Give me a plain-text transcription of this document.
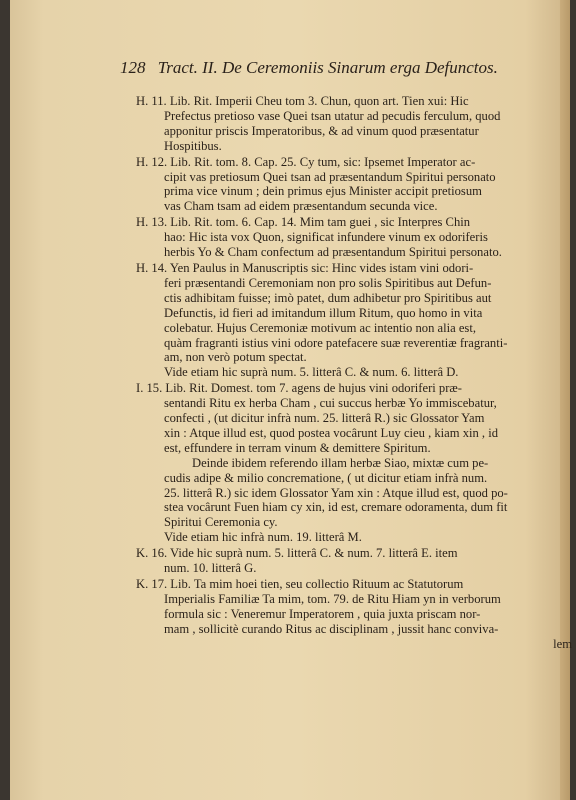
128 Tract. II. De Ceremoniis Sinarum erga Defunctos.
H. 11. Lib. Rit. Imperii Cheu tom 3. Chun, quon art. Tien xui: Hic
Prefectus pretioso vase Quei tsan utatur ad pecudis ferculum, quod
apponitur priscis Imperatoribus, & ad vinum quod præsentatur
Hospitibus.
H. 12. Lib. Rit. tom. 8. Cap. 25. Cy tum, sic: Ipsemet Imperator ac-
cipit vas pretiosum Quei tsan ad præsentandum Spiritui personato
prima vice vinum ; dein primus ejus Minister accipit pretiosum
vas Cham tsam ad eidem præsentandum secunda vice.
H. 13. Lib. Rit. tom. 6. Cap. 14. Mim tam guei , sic Interpres Chin
hao: Hic ista vox Quon, significat infundere vinum ex odoriferis
herbis Yo & Cham confectum ad præsentandum Spiritui personato.
H. 14. Yen Paulus in Manuscriptis sic: Hinc vides istam vini odori-
feri præsentandi Ceremoniam non pro solis Spiritibus aut Defun-
ctis adhibitam fuisse; imò patet, dum adhibetur pro Spiritibus aut
Defunctis, id fieri ad imitandum illum Ritum, quo homo in vita
colebatur. Hujus Ceremoniæ motivum ac intentio non alia est,
quàm fragranti istius vini odore patefacere suæ reverentiæ fragranti-
am, non verò potum spectat.
Vide etiam hic suprà num. 5. litterâ C. & num. 6. litterâ D.
I. 15. Lib. Rit. Domest. tom 7. agens de hujus vini odoriferi præ-
sentandi Ritu ex herba Cham , cui succus herbæ Yo immiscebatur,
confecti , (ut dicitur infrà num. 25. litterâ R.) sic Glossator Yam
xin : Atque illud est, quod postea vocârunt Luy cieu , kiam xin , id
est, effundere in terram vinum & demittere Spiritum.
Deinde ibidem referendo illam herbæ Siao, mixtæ cum pe-
cudis adipe & milio concrematione, ( ut dicitur etiam infrà num.
25. litterâ R.) sic idem Glossator Yam xin : Atque illud est, quod po-
stea vocârunt Fuen hiam cy xin, id est, cremare odoramenta, dum fit
Spiritui Ceremonia cy.
Vide etiam hic infrà num. 19. litterâ M.
K. 16. Vide hic suprà num. 5. litterâ C. & num. 7. litterâ E. item
num. 10. litterâ G.
K. 17. Lib. Ta mim hoei tien, seu collectio Rituum ac Statutorum
Imperialis Familiæ Ta mim, tom. 79. de Ritu Hiam yn in verborum
formula sic : Veneremur Imperatorem , quia juxta priscam nor-
mam , sollicitè curando Ritus ac disciplinam , jussit hanc conviva-
lem
